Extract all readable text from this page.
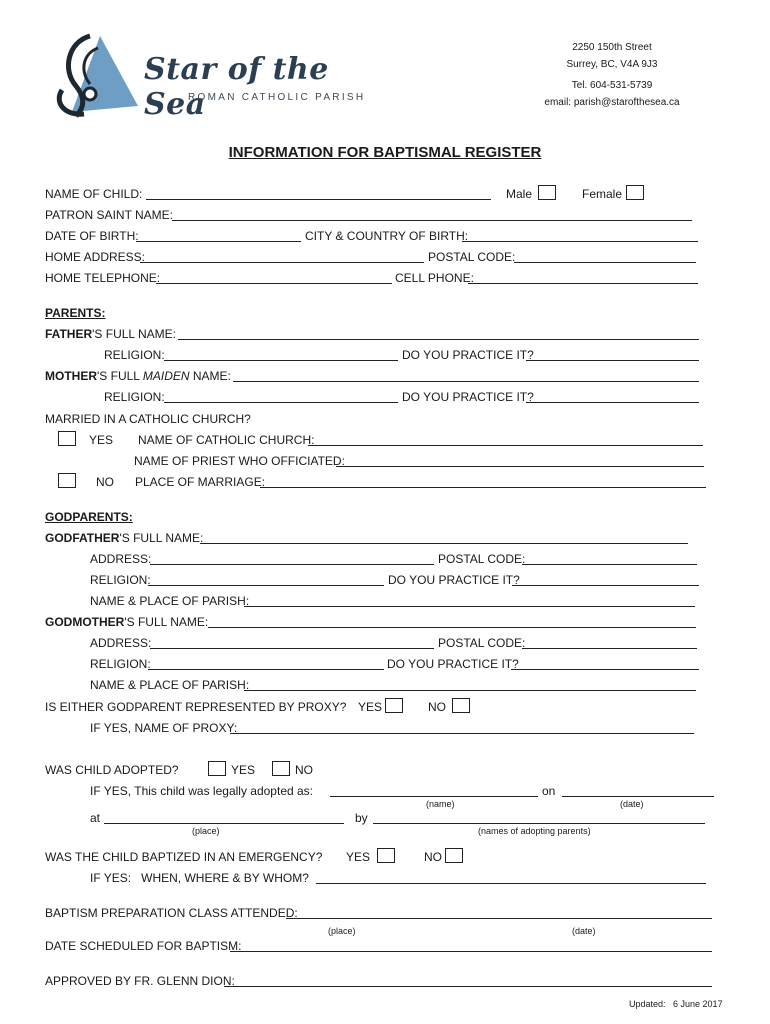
Star of the Sea
ROMAN CATHOLIC PARISH
2250 150th Street
Surrey, BC, V4A 9J3
Tel. 604-531-5739
email: parish@starofthesea.ca
INFORMATION FOR BAPTISMAL REGISTER
NAME OF CHILD:	Male	Female
PATRON SAINT NAME:
DATE OF BIRTH:	CITY & COUNTRY OF BIRTH:
HOME ADDRESS:	POSTAL CODE:
HOME TELEPHONE:	CELL PHONE:
PARENTS:
FATHER'S FULL NAME:
RELIGION:	DO YOU PRACTICE IT?
MOTHER'S FULL MAIDEN NAME:
RELIGION:	DO YOU PRACTICE IT?
MARRIED IN A CATHOLIC CHURCH?
YES NAME OF CATHOLIC CHURCH:
NAME OF PRIEST WHO OFFICIATED:
NO PLACE OF MARRIAGE:
GODPARENTS:
GODFATHER'S FULL NAME:
ADDRESS:	POSTAL CODE:
RELIGION:	DO YOU PRACTICE IT?
NAME & PLACE OF PARISH:
GODMOTHER'S FULL NAME:
ADDRESS:	POSTAL CODE:
RELIGION:	DO YOU PRACTICE IT?
NAME & PLACE OF PARISH:
IS EITHER GODPARENT REPRESENTED BY PROXY? YES	NO
IF YES, NAME OF PROXY:
WAS CHILD ADOPTED?	YES	NO
IF YES, This child was legally adopted as:	on
(name)	(date)
at	by
(place)	(names of adopting parents)
WAS THE CHILD BAPTIZED IN AN EMERGENCY? YES	NO
IF YES:   WHEN, WHERE & BY WHOM?
BAPTISM PREPARATION CLASS ATTENDED:
(place)	(date)
DATE SCHEDULED FOR BAPTISM:
APPROVED BY FR. GLENN DION:
Updated:   6 June 2017
